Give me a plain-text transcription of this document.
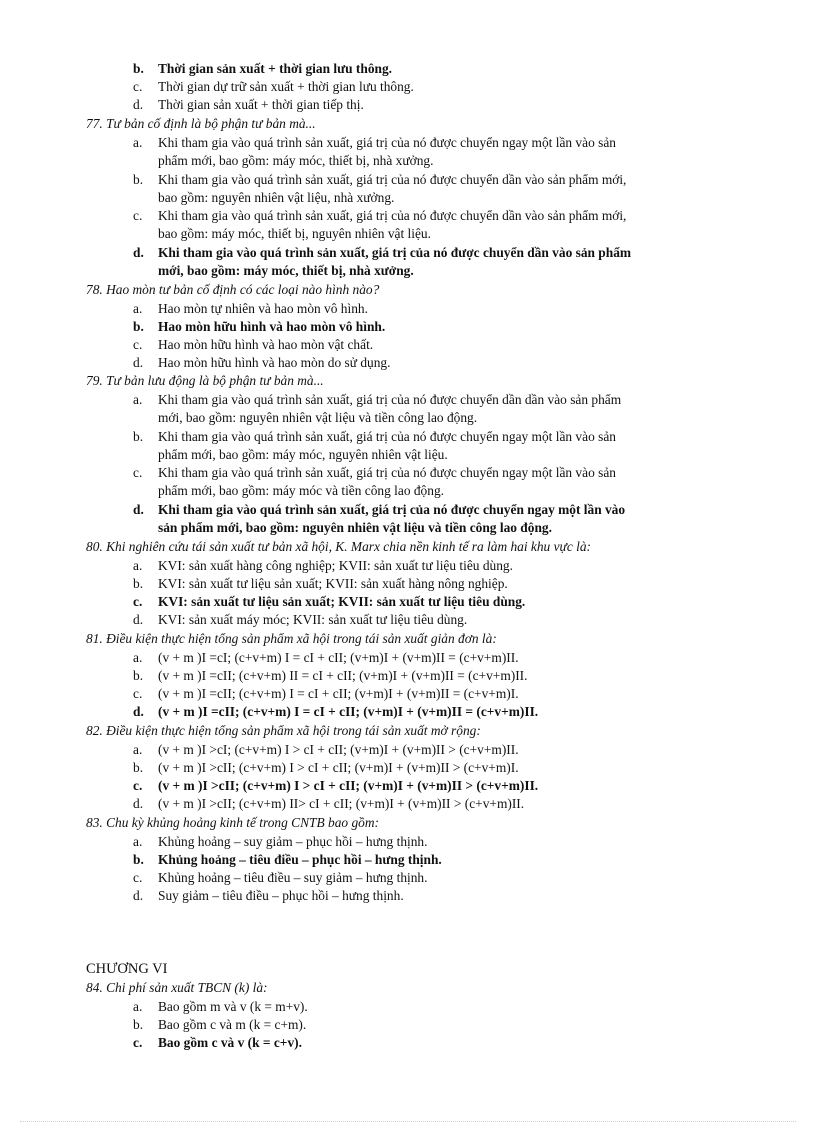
b. Thời gian sản xuất + thời gian lưu thông.
c. Thời gian dự trữ sản xuất + thời gian lưu thông.
d. Thời gian sản xuất + thời gian tiếp thị.
77. Tư bản cố định là bộ phận tư bản mà...
a. Khi tham gia vào quá trình sản xuất, giá trị của nó được chuyển ngay một lần vào sản
phẩm mới, bao gồm: máy móc, thiết bị, nhà xưởng.
b. Khi tham gia vào quá trình sản xuất, giá trị của nó được chuyển dần vào sản phẩm mới,
bao gồm: nguyên nhiên vật liệu, nhà xưởng.
c. Khi tham gia vào quá trình sản xuất, giá trị của nó được chuyển dần vào sản phẩm mới,
bao gồm: máy móc, thiết bị, nguyên nhiên vật liệu.
d. Khi tham gia vào quá trình sản xuất, giá trị của nó được chuyển dần vào sản phẩm
mới, bao gồm: máy móc, thiết bị, nhà xưởng.
78. Hao mòn tư bản cố định có các loại nào hình nào?
a. Hao mòn tự nhiên và hao mòn vô hình.
b. Hao mòn hữu hình và hao mòn vô hình.
c. Hao mòn hữu hình và hao mòn vật chất.
d. Hao mòn hữu hình và hao mòn do sử dụng.
79. Tư bản lưu động là bộ phận tư bản mà...
a. Khi tham gia vào quá trình sản xuất, giá trị của nó được chuyển dần dần vào sản phẩm
mới, bao gồm: nguyên nhiên vật liệu và tiền công lao động.
b. Khi tham gia vào quá trình sản xuất, giá trị của nó được chuyển ngay một lần vào sản
phẩm mới, bao gồm: máy móc, nguyên nhiên vật liệu.
c. Khi tham gia vào quá trình sản xuất, giá trị của nó được chuyển ngay một lần vào sản
phẩm mới, bao gồm: máy móc và tiền công lao động.
d. Khi tham gia vào quá trình sản xuất, giá trị của nó được chuyển ngay một lần vào
sản phẩm mới, bao gồm: nguyên nhiên vật liệu và tiền công lao động.
80. Khi nghiên cứu tái sản xuất tư bản xã hội, K. Marx chia nền kinh tế ra làm hai khu vực là:
a. KVI: sản xuất hàng công nghiệp; KVII: sản xuất tư liệu tiêu dùng.
b. KVI: sản xuất tư liệu sản xuất; KVII: sản xuất hàng nông nghiệp.
c. KVI: sản xuất tư liệu sản xuất; KVII: sản xuất tư liệu tiêu dùng.
d. KVI: sản xuất máy móc; KVII: sản xuất tư liệu tiêu dùng.
81. Điều kiện thực hiện tổng sản phẩm xã hội trong tái sản xuất giản đơn là:
a. (v + m )I =cI; (c+v+m) I = cI + cII; (v+m)I + (v+m)II = (c+v+m)II.
b. (v + m )I =cII; (c+v+m) II = cI + cII; (v+m)I + (v+m)II = (c+v+m)II.
c. (v + m )I =cII; (c+v+m) I = cI + cII; (v+m)I + (v+m)II = (c+v+m)I.
d. (v + m )I =cII; (c+v+m) I = cI + cII; (v+m)I + (v+m)II = (c+v+m)II.
82. Điều kiện thực hiện tổng sản phẩm xã hội trong tái sản xuất mở rộng:
a. (v + m )I >cI; (c+v+m) I > cI + cII; (v+m)I + (v+m)II > (c+v+m)II.
b. (v + m )I >cII; (c+v+m) I > cI + cII; (v+m)I + (v+m)II > (c+v+m)I.
c. (v + m )I >cII; (c+v+m) I > cI + cII; (v+m)I + (v+m)II > (c+v+m)II.
d. (v + m )I >cII; (c+v+m) II> cI + cII; (v+m)I + (v+m)II > (c+v+m)II.
83. Chu kỳ khủng hoảng kinh tế trong CNTB bao gồm:
a. Khủng hoảng – suy giảm – phục hồi – hưng thịnh.
b. Khủng hoảng – tiêu điều – phục hồi – hưng thịnh.
c. Khủng hoảng – tiêu điều – suy giảm – hưng thịnh.
d. Suy giảm – tiêu điều – phục hồi – hưng thịnh.
CHƯƠNG VI
84. Chi phí sản xuất TBCN (k) là:
a. Bao gồm m và v (k = m+v).
b. Bao gồm c và m (k = c+m).
c. Bao gồm c và v (k = c+v).
